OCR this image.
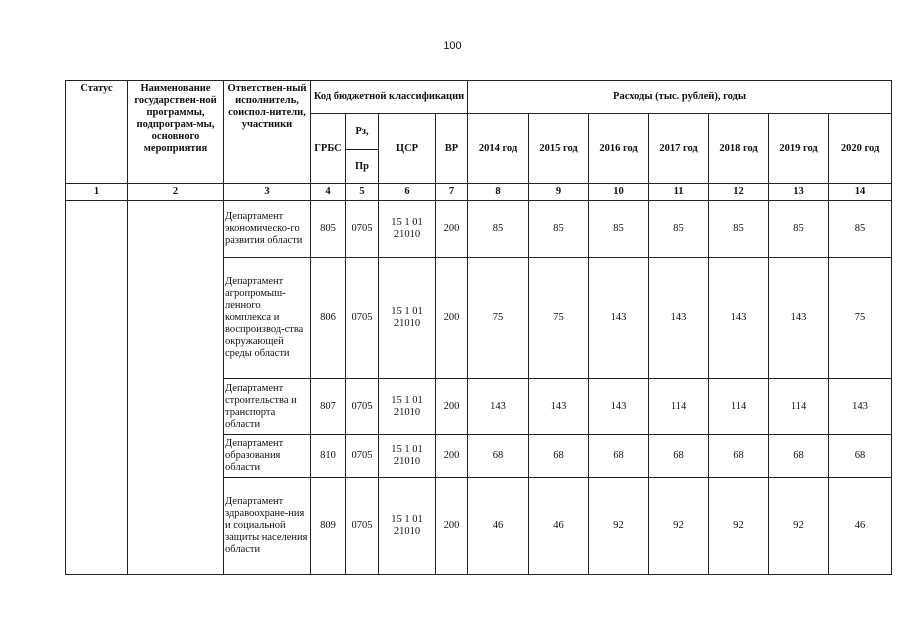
100
Статус	Наименование государствен-ной программы, подпрограм-мы, основного мероприятия	Ответствен-ный исполнитель, соиспол-нители, участники	Код бюджетной классификации				Расходы (тыс. рублей), годы						
			ГРБС	Рз,	ЦСР	ВР	2014 год	2015 год	2016 год	2017 год	2018 год	2019 год	2020 год
				Пр									
1	2	3	4	5	6	7	8	9	10	11	12	13	14
		Департамент экономическо-го развития области	805	0705	15 1 01 21010	200	85	85	85	85	85	85	85
		Департамент агропромыш-ленного комплекса и воспроизвод-ства окружающей среды области	806	0705	15 1 01 21010	200	75	75	143	143	143	143	75
		Департамент строительства и транспорта области	807	0705	15 1 01 21010	200	143	143	143	114	114	114	143
		Департамент образования области	810	0705	15 1 01 21010	200	68	68	68	68	68	68	68
		Департамент здравоохране-ния и социальной защиты населения области	809	0705	15 1 01 21010	200	46	46	92	92	92	92	46
